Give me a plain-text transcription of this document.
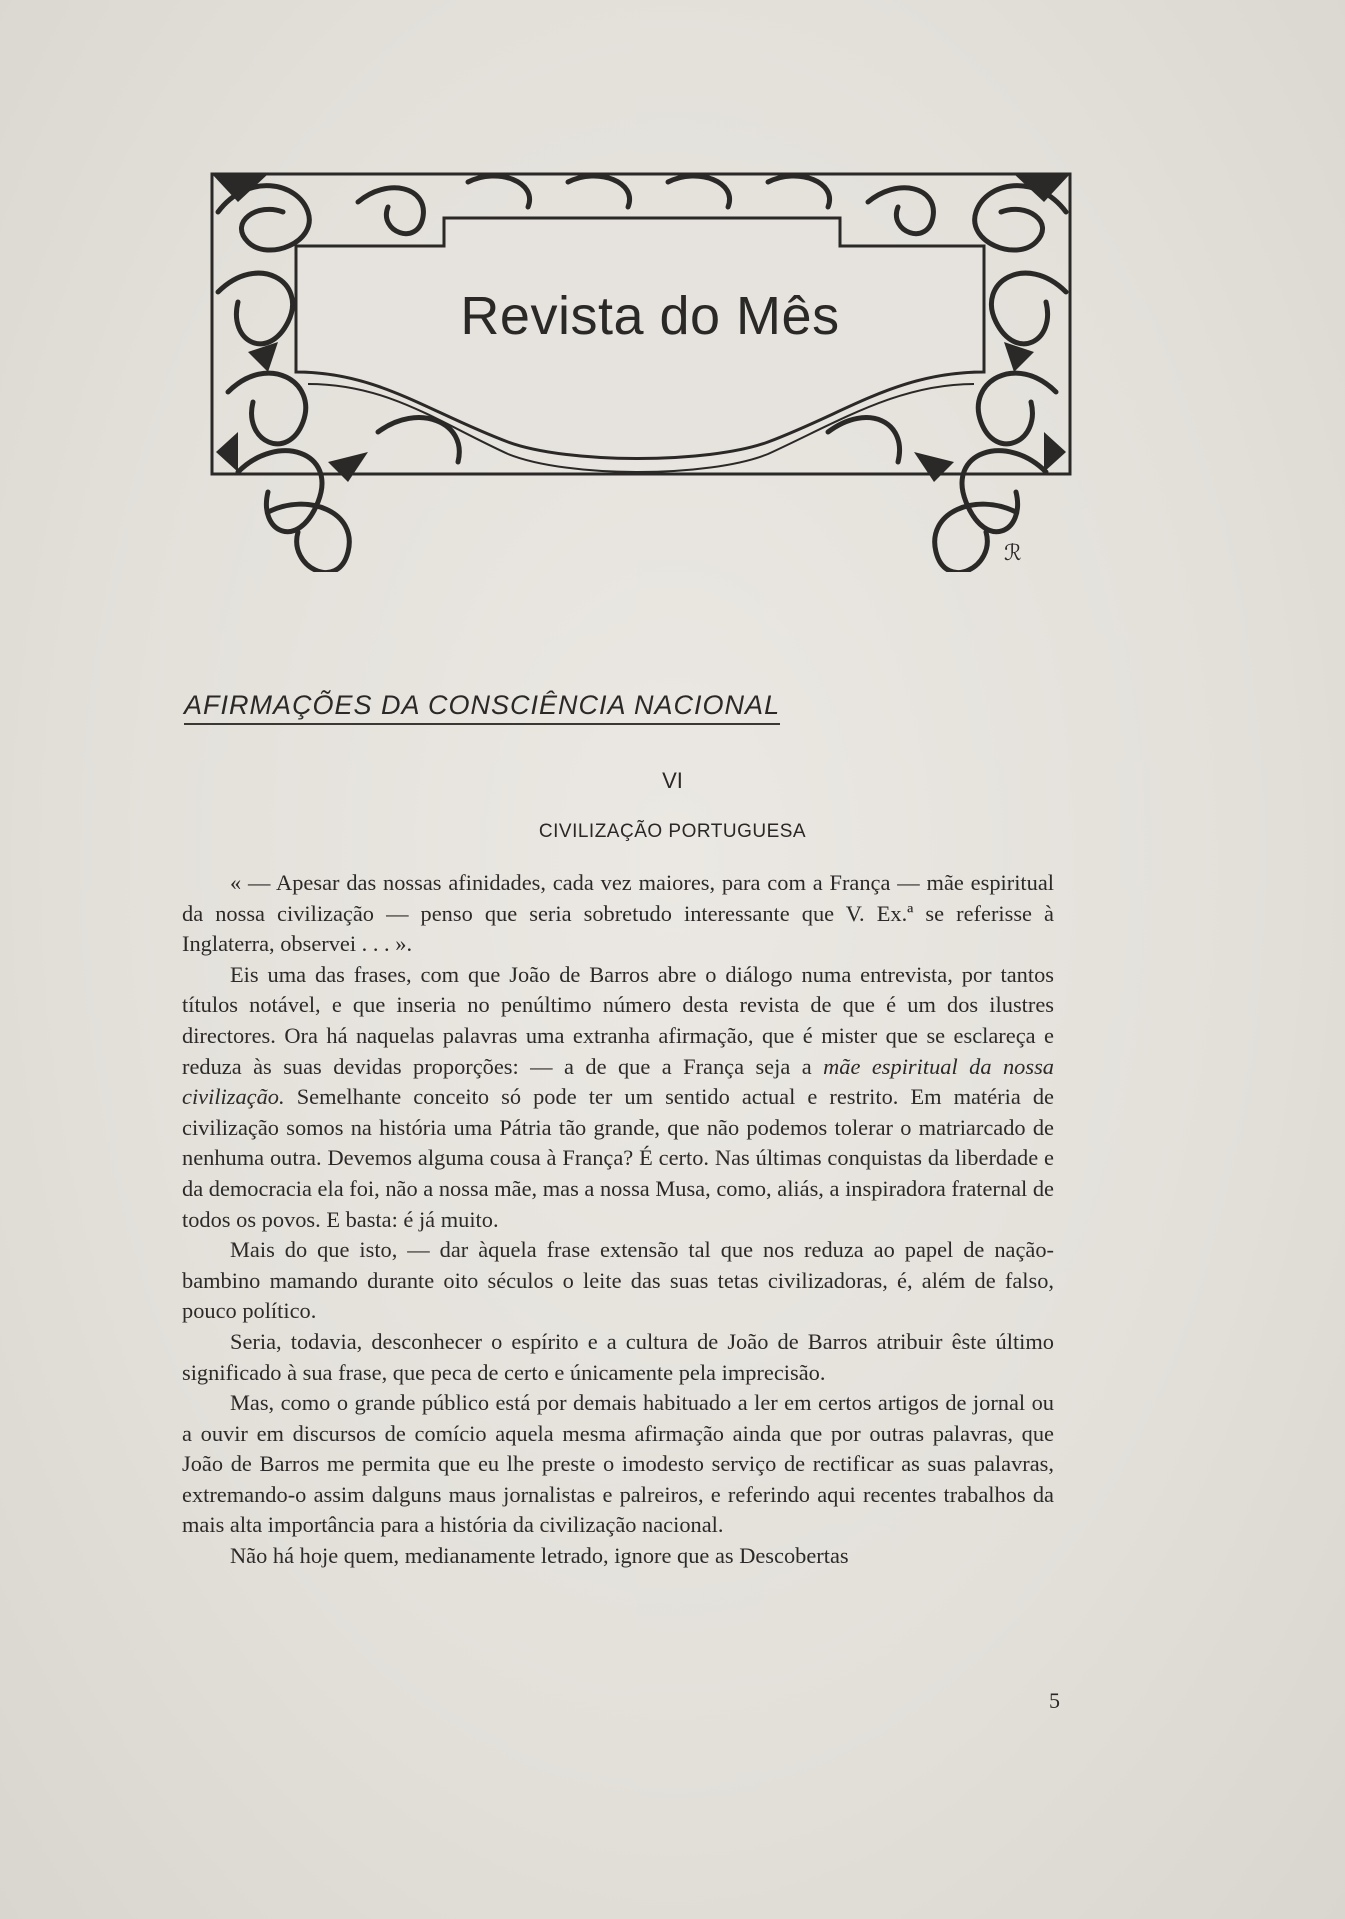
ℛ
Revista do Mês
AFIRMAÇÕES DA CONSCIÊNCIA NACIONAL
VI
CIVILIZAÇÃO PORTUGUESA

« — Apesar das nossas afinidades, cada vez maiores, para com a França — mãe espiritual da nossa civilização — penso que seria sobretudo interessante que V. Ex.ª se referisse à Inglaterra, observei . . . ».

Eis uma das frases, com que João de Barros abre o diálogo numa entrevista, por tantos títulos notável, e que inseria no penúltimo número desta revista de que é um dos ilustres directores. Ora há naquelas palavras uma extranha afirmação, que é mister que se esclareça e reduza às suas devidas proporções: — a de que a França seja a mãe espiritual da nossa civilização. Semelhante conceito só pode ter um sentido actual e restrito. Em matéria de civilização somos na história uma Pátria tão grande, que não podemos tolerar o matriarcado de nenhuma outra. Devemos alguma cousa à França? É certo. Nas últimas conquistas da liberdade e da democracia ela foi, não a nossa mãe, mas a nossa Musa, como, aliás, a inspiradora fraternal de todos os povos. E basta: é já muito.

Mais do que isto, — dar àquela frase extensão tal que nos reduza ao papel de nação-bambino mamando durante oito séculos o leite das suas tetas civilizadoras, é, além de falso, pouco político.

Seria, todavia, desconhecer o espírito e a cultura de João de Barros atribuir êste último significado à sua frase, que peca de certo e únicamente pela imprecisão.

Mas, como o grande público está por demais habituado a ler em certos artigos de jornal ou a ouvir em discursos de comício aquela mesma afirmação ainda que por outras palavras, que João de Barros me permita que eu lhe preste o imodesto serviço de rectificar as suas palavras, extremando-o assim dalguns maus jornalistas e palreiros, e referindo aqui recentes trabalhos da mais alta importância para a história da civilização nacional.

Não há hoje quem, medianamente letrado, ignore que as Descobertas

5
